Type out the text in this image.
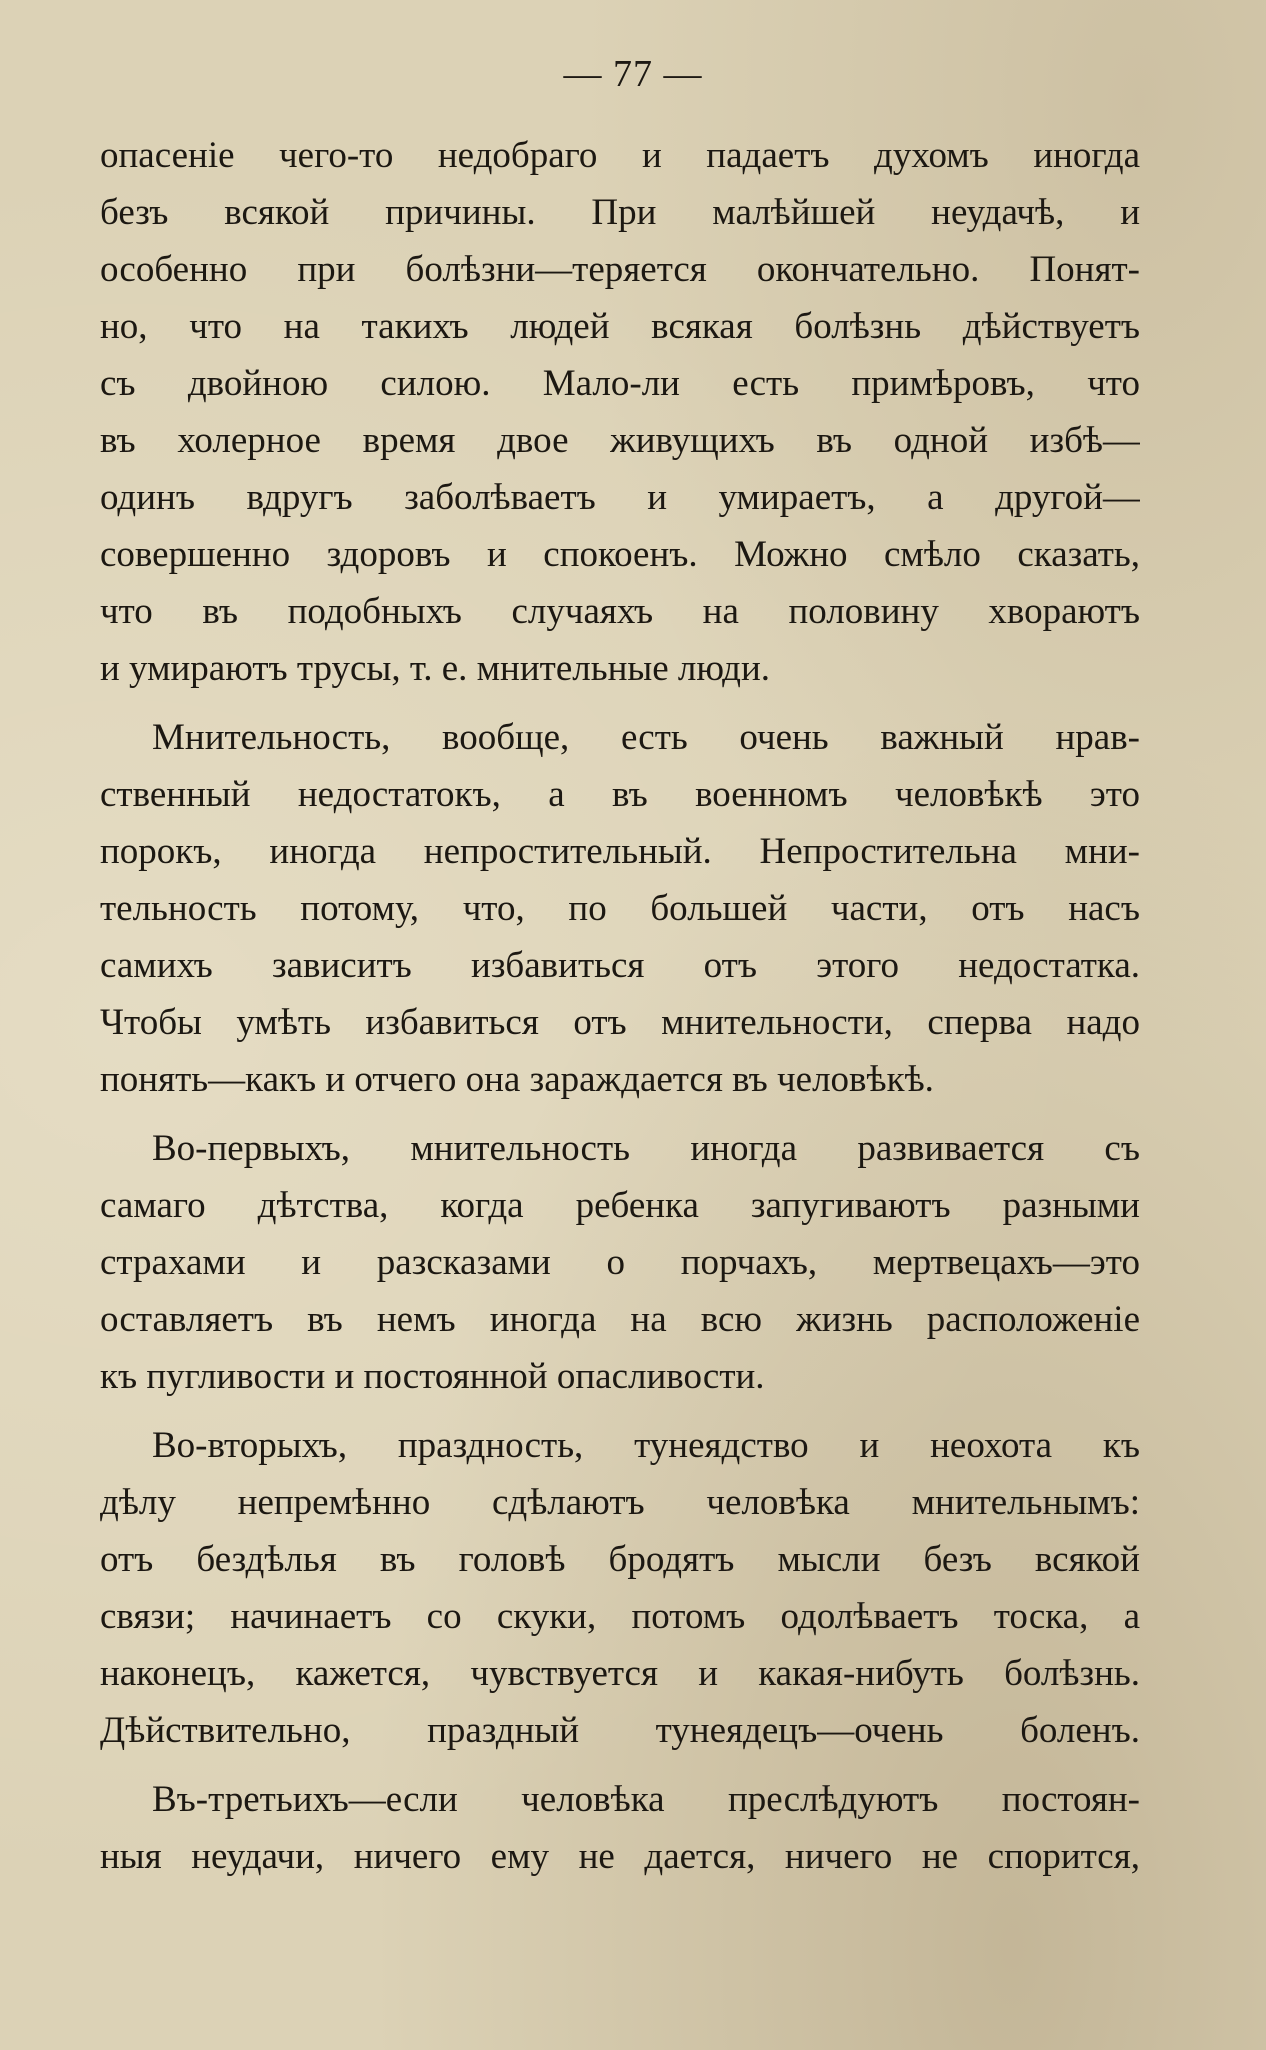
— 77 —
опасеніе чего-то недобраго и падаетъ духомъ иногда
безъ всякой причины. При малѣйшей неудачѣ, и
особенно при болѣзни—теряется окончательно. Понят-
но, что на такихъ людей всякая болѣзнь дѣйствуетъ
съ двойною силою. Мало-ли есть примѣровъ, что
въ холерное время двое живущихъ въ одной избѣ—
одинъ вдругъ заболѣваетъ и умираетъ, а другой—
совершенно здоровъ и спокоенъ. Можно смѣло сказать,
что въ подобныхъ случаяхъ на половину хвораютъ
и умираютъ трусы, т. е. мнительные люди.
Мнительность, вообще, есть очень важный нрав-
ственный недостатокъ, а въ военномъ человѣкѣ это
порокъ, иногда непростительный. Непростительна мни-
тельность потому, что, по большей части, отъ насъ
самихъ зависитъ избавиться отъ этого недостатка.
Чтобы умѣть избавиться отъ мнительности, сперва надо
понять—какъ и отчего она зараждается въ человѣкѣ.
Во-первыхъ, мнительность иногда развивается съ
самаго дѣтства, когда ребенка запугиваютъ разными
страхами и разсказами о порчахъ, мертвецахъ—это
оставляетъ въ немъ иногда на всю жизнь расположеніе
къ пугливости и постоянной опасливости.
Во-вторыхъ, праздность, тунеядство и неохота къ
дѣлу непремѣнно сдѣлаютъ человѣка мнительнымъ:
отъ бездѣлья въ головѣ бродятъ мысли безъ всякой
связи; начинаетъ со скуки, потомъ одолѣваетъ тоска, а
наконецъ, кажется, чувствуется и какая-нибуть болѣзнь.
Дѣйствительно, праздный тунеядецъ—очень боленъ.
Въ-третьихъ—если человѣка преслѣдуютъ постоян-
ныя неудачи, ничего ему не дается, ничего не спорится,
